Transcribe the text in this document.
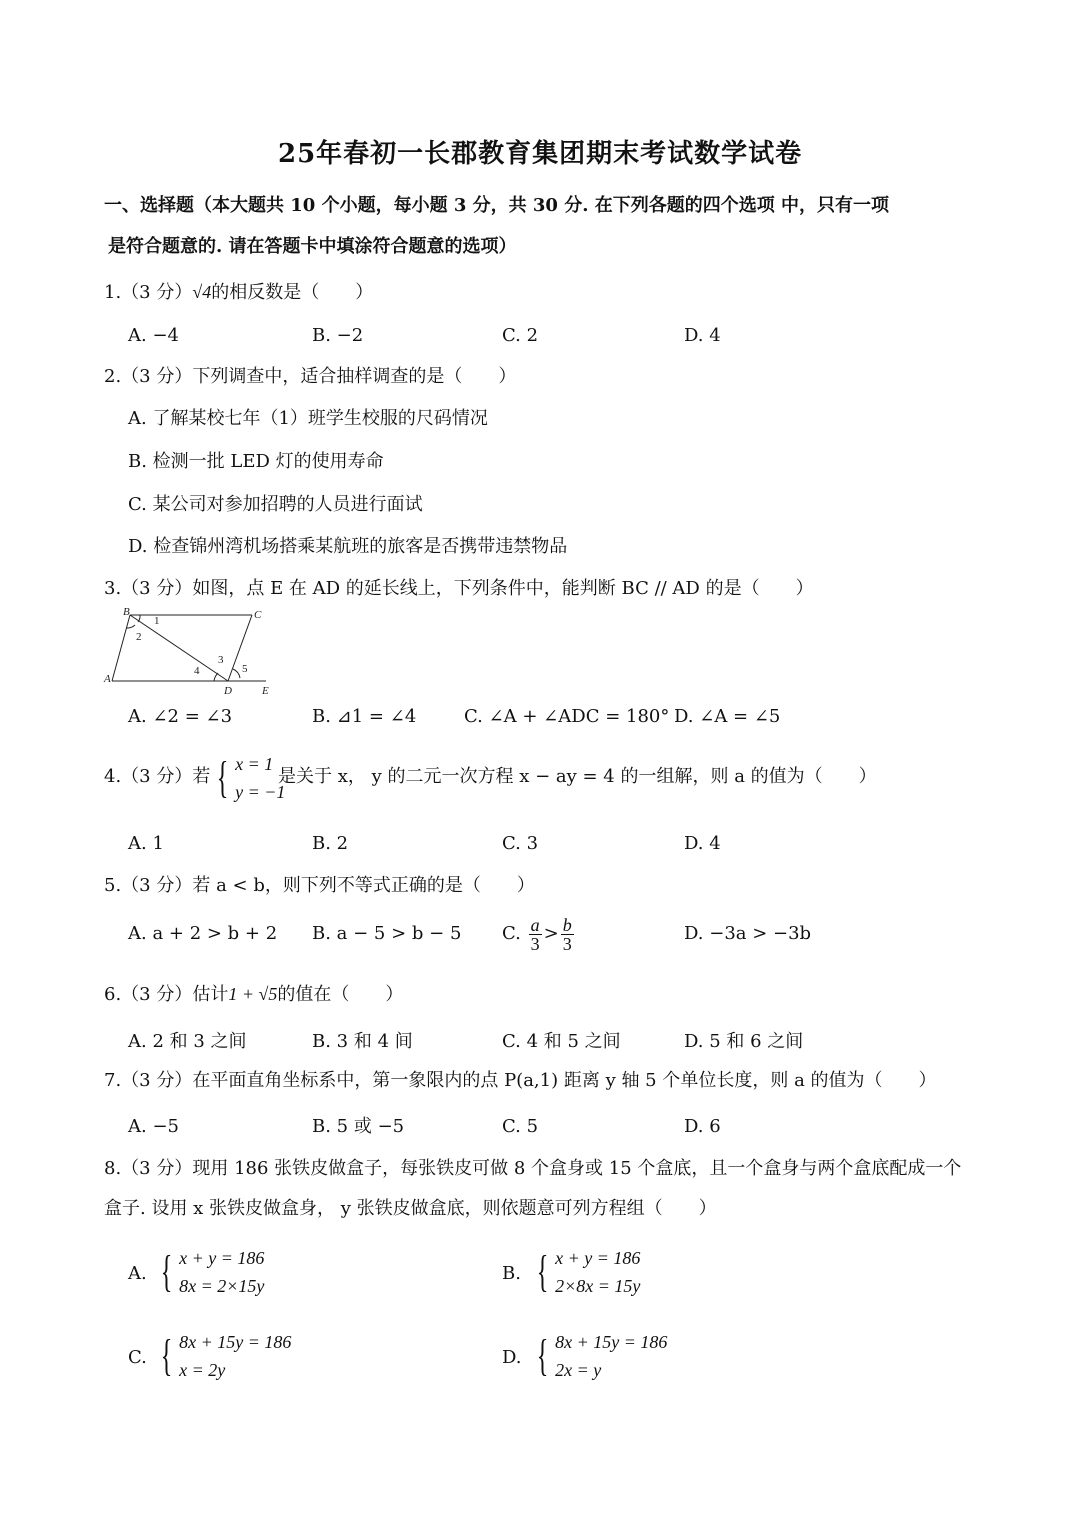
25年春初一长郡教育集团期末考试数学试卷
一、选择题（本大题共 10 个小题，每小题 3 分，共 30 分. 在下列各题的四个选项 中，只有一项
是符合题意的. 请在答题卡中填涂符合题意的选项）
1.（3 分）√4的相反数是（　　）
A. −4	B. −2	C. 2	D. 4
2.（3 分）下列调查中，适合抽样调查的是（　　）
A. 了解某校七年（1）班学生校服的尺码情况
B. 检测一批 LED 灯的使用寿命
C. 某公司对参加招聘的人员进行面试
D. 检查锦州湾机场搭乘某航班的旅客是否携带违禁物品
3.（3 分）如图，点 E 在 AD 的延长线上，下列条件中，能判断 BC // AD 的是（　　）
B	C
A
D	E
1
2
3
4	5
A. ∠2 = ∠3	B. ⊿1 = ∠4	C. ∠A + ∠ADC = 180° D. ∠A = ∠5
4.（3 分）若 { x = 1
y = −1
是关于 x， y 的二元一次方程 x − ay = 4 的一组解，则 a 的值为（　　）
A. 1	B. 2	C. 3	D. 4
5.（3 分）若 a < b，则下列不等式正确的是（　　）
A. a + 2 > b + 2 B. a − 5 > b − 5 C.
$\frac{a}{3} > \frac{b}{3}$	D. −3a > −3b
6.（3 分）估计1 + √5的值在（　　）
A. 2 和 3 之间	B. 3 和 4 间	C. 4 和 5 之间	D. 5 和 6 之间
7.（3 分）在平面直角坐标系中，第一象限内的点 P(a,1) 距离 y 轴 5 个单位长度，则 a 的值为（　　）
A. −5	B. 5 或 −5	C. 5	D. 6
8.（3 分）现用 186 张铁皮做盒子，每张铁皮可做 8 个盒身或 15 个盒底，且一个盒身与两个盒底配成一个
盒子. 设用 x 张铁皮做盒身， y 张铁皮做盒底，则依题意可列方程组（　　）
A. { x + y = 186
8x = 2×15y
B. { x + y = 186
2×8x = 15y
C. { 8x + 15y = 186
x = 2y
D. { 8x + 15y = 186
2x = y
